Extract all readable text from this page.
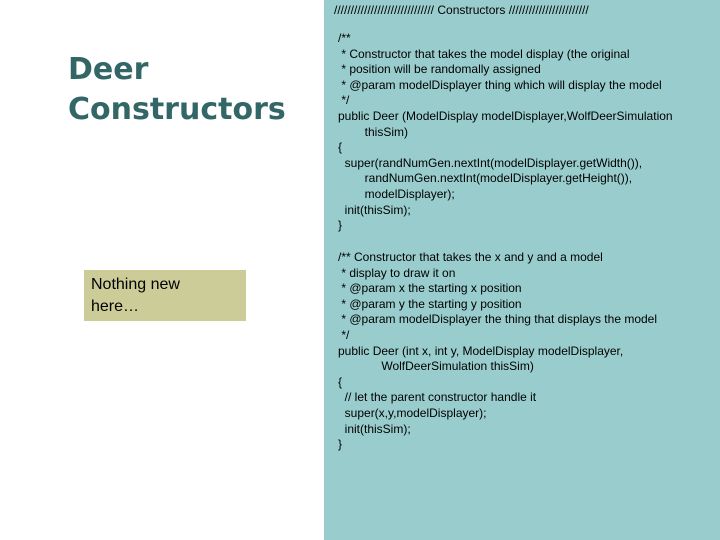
Deer
Constructors
Nothing new
here…
////////////////////////////// Constructors ////////////////////////
/**
* Constructor that takes the model display (the original
* position will be randomally assigned
* @param modelDisplayer thing which will display the model
*/
public Deer (ModelDisplay modelDisplayer,WolfDeerSimulation
thisSim)
{
super(randNumGen.nextInt(modelDisplayer.getWidth()),
randNumGen.nextInt(modelDisplayer.getHeight()),
modelDisplayer);
init(thisSim);
}
/** Constructor that takes the x and y and a model
* display to draw it on
* @param x the starting x position
* @param y the starting y position
* @param modelDisplayer the thing that displays the model
*/
public Deer (int x, int y, ModelDisplay modelDisplayer,
WolfDeerSimulation thisSim)
{
// let the parent constructor handle it
super(x,y,modelDisplayer);
init(thisSim);
}
